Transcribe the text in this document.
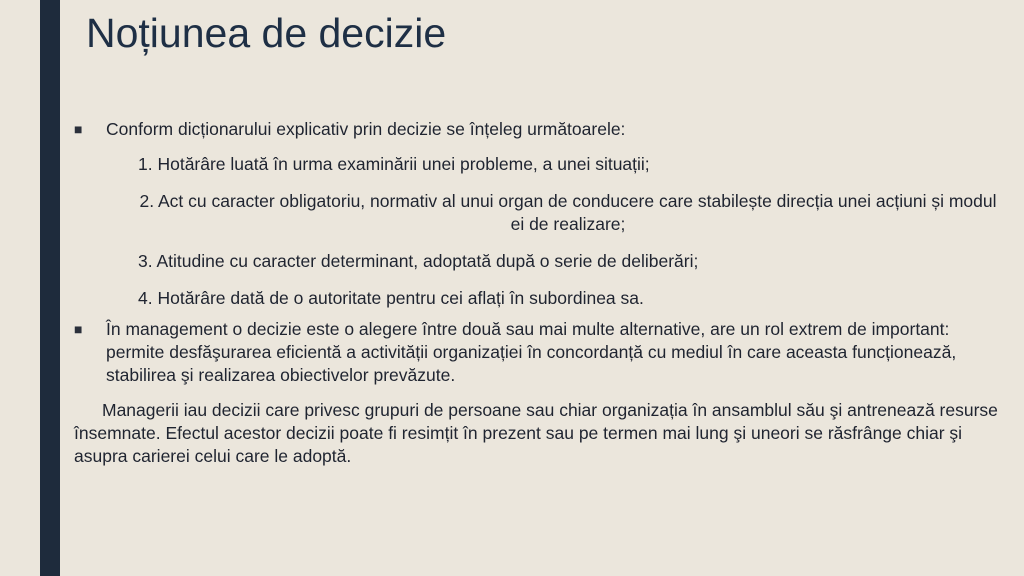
Noțiunea de decizie
■ Conform dicționarului explicativ prin decizie se înțeleg următoarele:
1. Hotărâre luată în urma examinării unei probleme, a unei situații;
2. Act cu caracter obligatoriu, normativ al unui organ de conducere care stabilește direcția unei acțiuni și modul ei de realizare;
3. Atitudine cu caracter determinant, adoptată după o serie de deliberări;
4. Hotărâre dată de o autoritate pentru cei aflați în subordinea sa.
■ În management o decizie este o alegere între două sau mai multe alternative, are un rol extrem de important: permite desfăşurarea eficientă a activității organizației în concordanță cu mediul în care aceasta funcționează, stabilirea şi realizarea obiectivelor prevăzute.
Managerii iau decizii care privesc grupuri de persoane sau chiar organizația în ansamblul său şi antrenează resurse însemnate. Efectul acestor decizii poate fi resimțit în prezent sau pe termen mai lung şi uneori se răsfrânge chiar şi asupra carierei celui care le adoptă.
